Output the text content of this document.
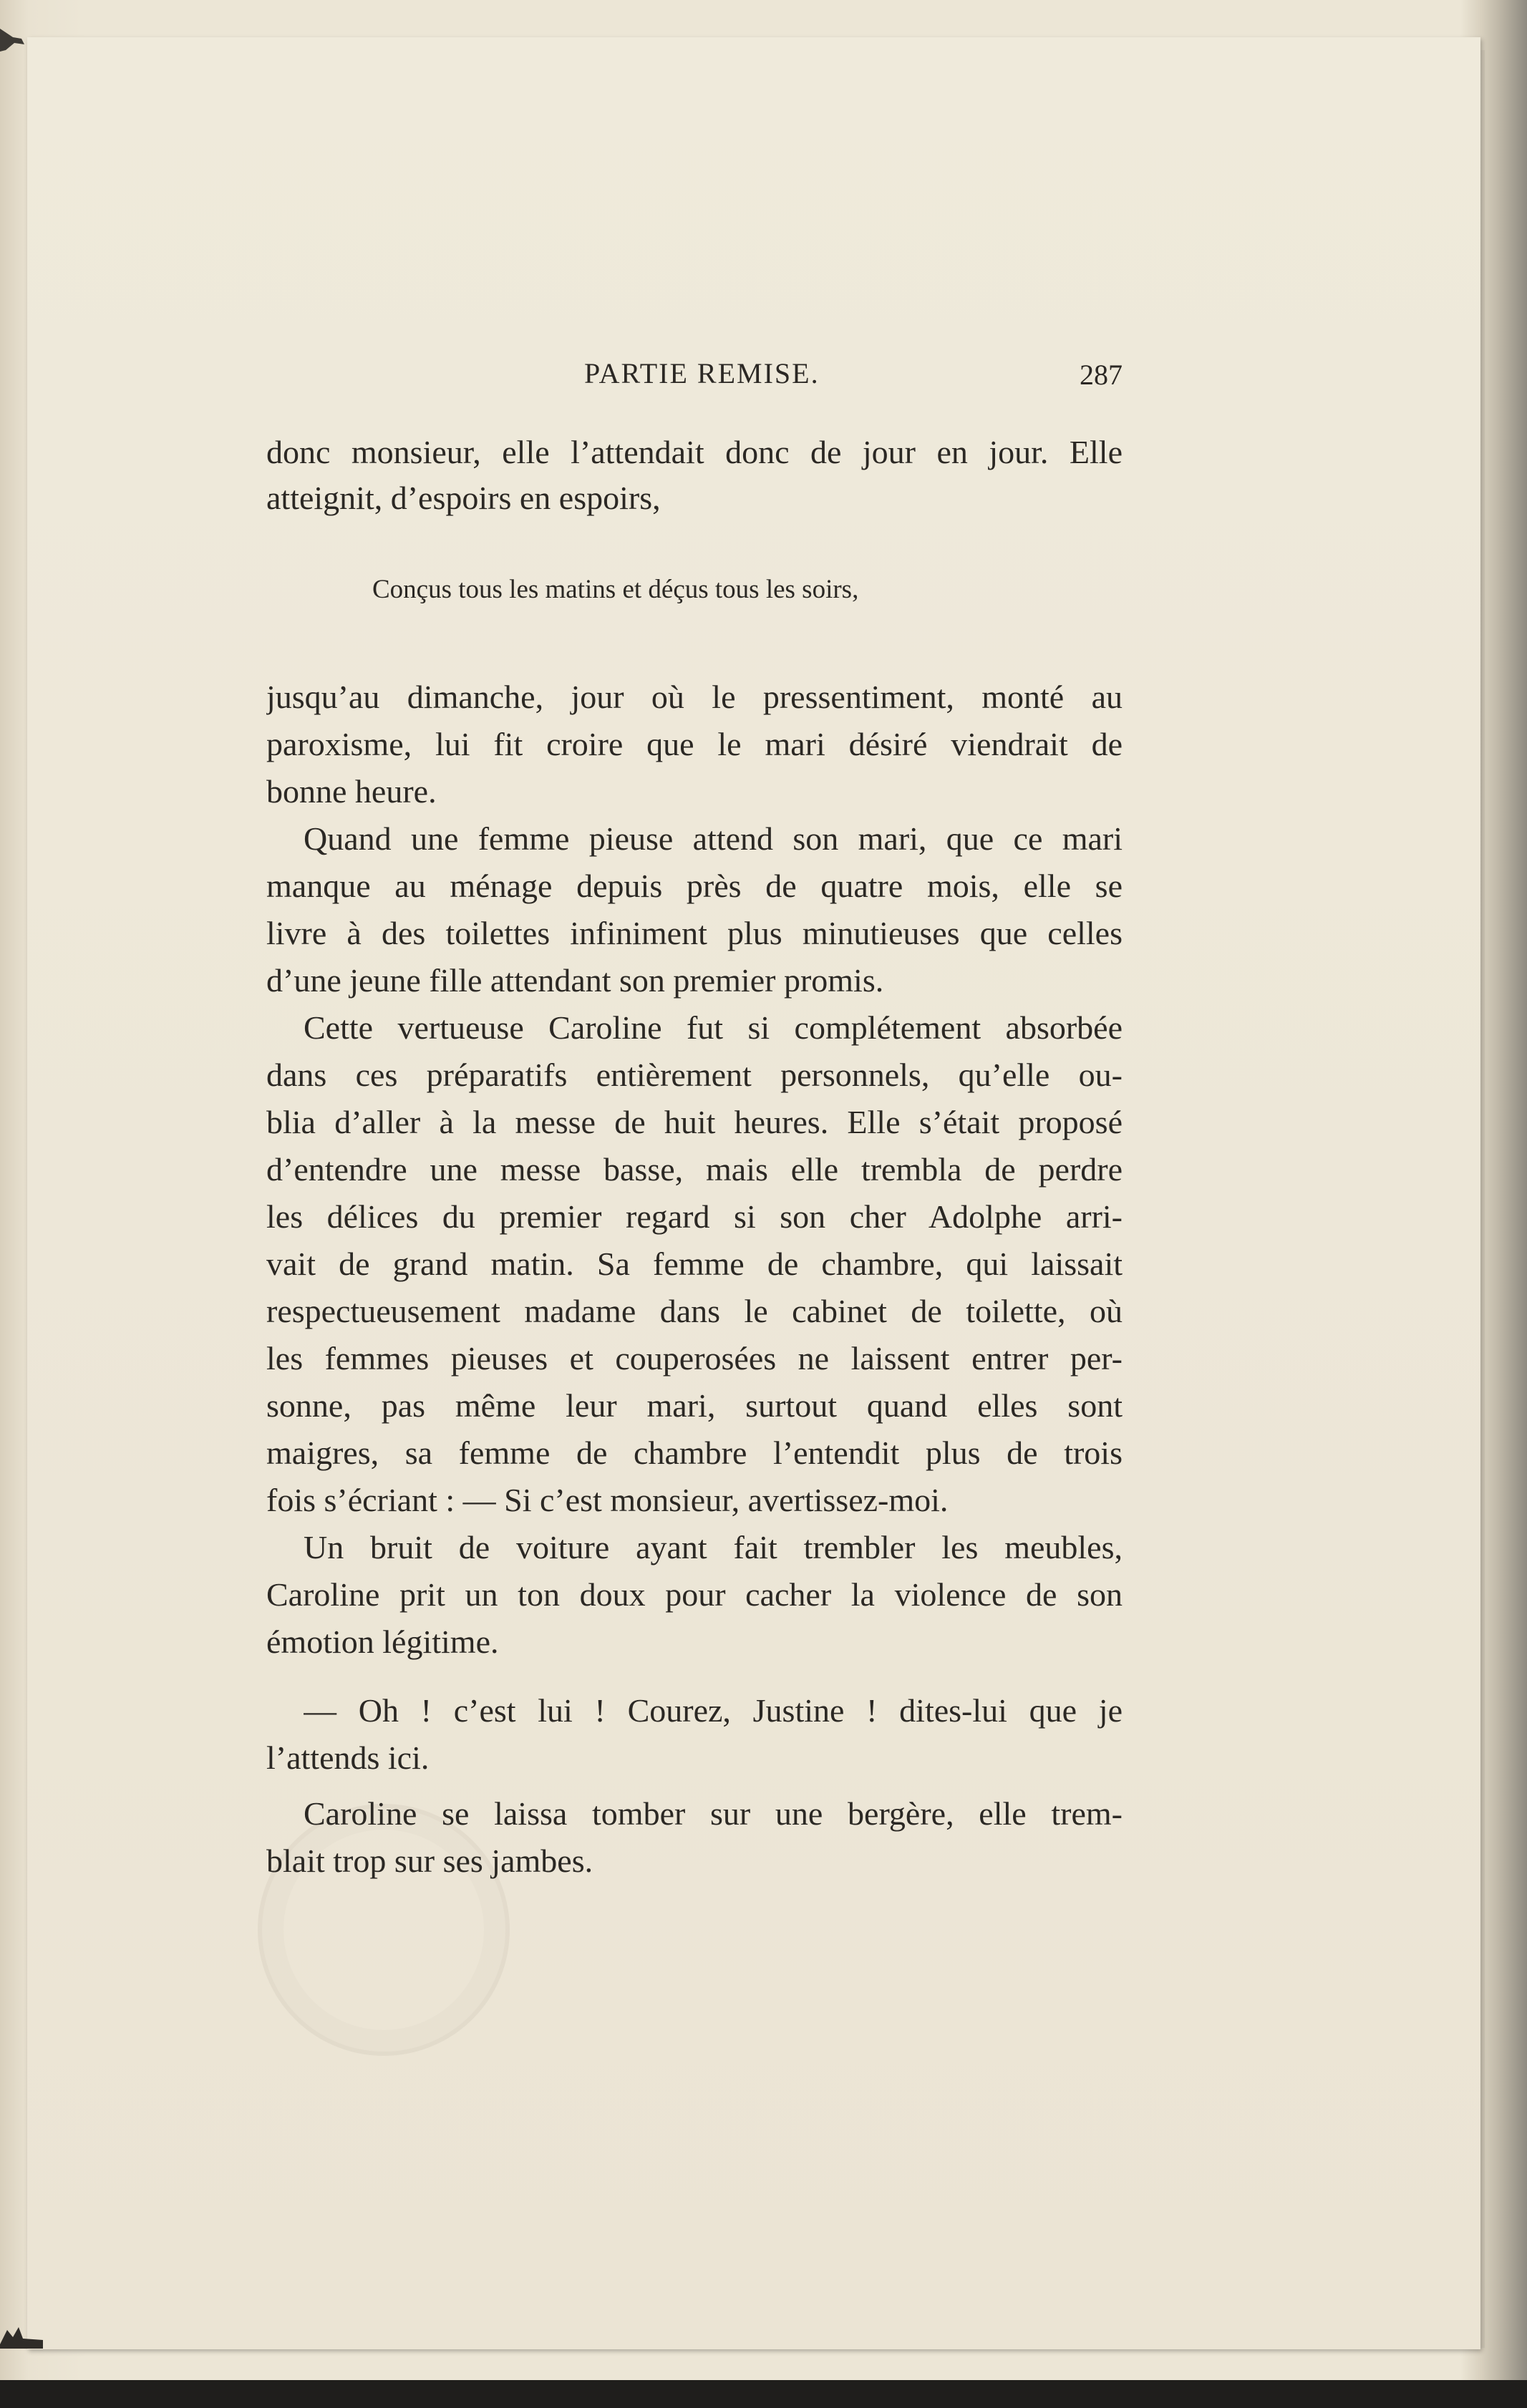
PARTIE REMISE.	287
donc monsieur, elle l’attendait donc de jour en jour. Elle
atteignit, d’espoirs en espoirs,
Conçus tous les matins et déçus tous les soirs,
jusqu’au dimanche, jour où le pressentiment, monté au
paroxisme, lui fit croire que le mari désiré viendrait de
bonne heure.
Quand une femme pieuse attend son mari, que ce mari
manque au ménage depuis près de quatre mois, elle se
livre à des toilettes infiniment plus minutieuses que celles
d’une jeune fille attendant son premier promis.
Cette vertueuse Caroline fut si complétement absorbée
dans ces préparatifs entièrement personnels, qu’elle ou-
blia d’aller à la messe de huit heures. Elle s’était proposé
d’entendre une messe basse, mais elle trembla de perdre
les délices du premier regard si son cher Adolphe arri-
vait de grand matin. Sa femme de chambre, qui laissait
respectueusement madame dans le cabinet de toilette, où
les femmes pieuses et couperosées ne laissent entrer per-
sonne, pas même leur mari, surtout quand elles sont
maigres, sa femme de chambre l’entendit plus de trois
fois s’écriant : — Si c’est monsieur, avertissez-moi.
Un bruit de voiture ayant fait trembler les meubles,
Caroline prit un ton doux pour cacher la violence de son
émotion légitime.
— Oh ! c’est lui ! Courez, Justine ! dites-lui que je
l’attends ici.
Caroline se laissa tomber sur une bergère, elle trem-
blait trop sur ses jambes.
